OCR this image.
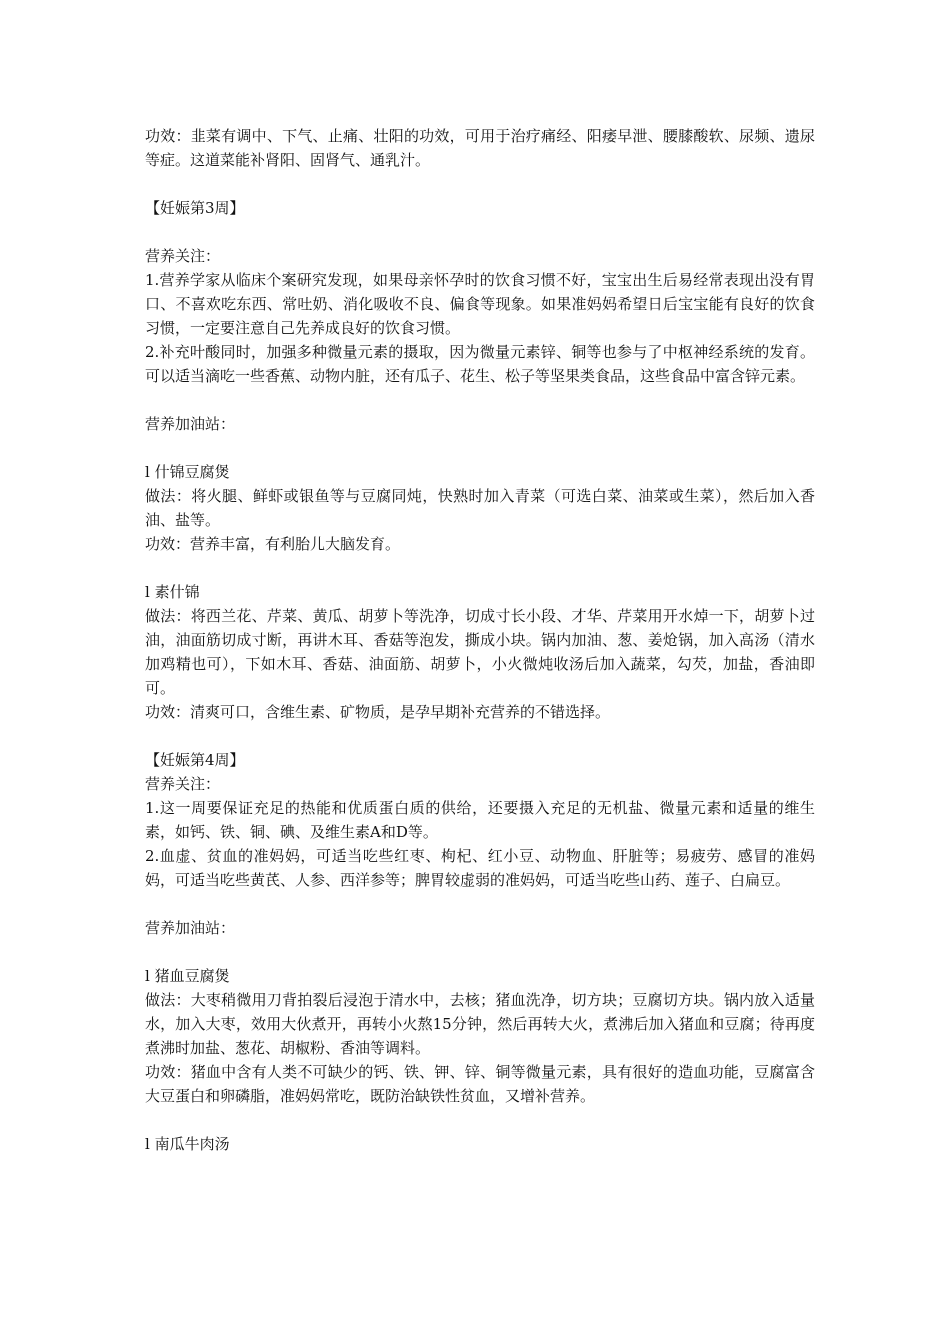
功效：韭菜有调中、下气、止痛、壮阳的功效，可用于治疗痛经、阳痿早泄、腰膝酸软、尿频、遗尿等症。这道菜能补肾阳、固肾气、通乳汁。

【妊娠第3周】

营养关注：

1.营养学家从临床个案研究发现，如果母亲怀孕时的饮食习惯不好，宝宝出生后易经常表现出没有胃口、不喜欢吃东西、常吐奶、消化吸收不良、偏食等现象。如果准妈妈希望日后宝宝能有良好的饮食习惯，一定要注意自己先养成良好的饮食习惯。

2.补充叶酸同时，加强多种微量元素的摄取，因为微量元素锌、铜等也参与了中枢神经系统的发育。可以适当滴吃一些香蕉、动物内脏，还有瓜子、花生、松子等坚果类食品，这些食品中富含锌元素。

营养加油站：

l 什锦豆腐煲

做法：将火腿、鲜虾或银鱼等与豆腐同炖，快熟时加入青菜（可选白菜、油菜或生菜），然后加入香油、盐等。

功效：营养丰富，有利胎儿大脑发育。

l 素什锦

做法：将西兰花、芹菜、黄瓜、胡萝卜等洗净，切成寸长小段、才华、芹菜用开水焯一下，胡萝卜过油，油面筋切成寸断，再讲木耳、香菇等泡发，撕成小块。锅内加油、葱、姜炝锅，加入高汤（清水加鸡精也可），下如木耳、香菇、油面筋、胡萝卜，小火微炖收汤后加入蔬菜，勾芡，加盐，香油即可。

功效：清爽可口，含维生素、矿物质，是孕早期补充营养的不错选择。

【妊娠第4周】

营养关注：

1.这一周要保证充足的热能和优质蛋白质的供给，还要摄入充足的无机盐、微量元素和适量的维生素，如钙、铁、铜、碘、及维生素A和D等。

2.血虚、贫血的准妈妈，可适当吃些红枣、枸杞、红小豆、动物血、肝脏等；易疲劳、感冒的准妈妈，可适当吃些黄芪、人参、西洋参等；脾胃较虚弱的准妈妈，可适当吃些山药、莲子、白扁豆。

营养加油站：

l 猪血豆腐煲

做法：大枣稍微用刀背拍裂后浸泡于清水中，去核；猪血洗净，切方块；豆腐切方块。锅内放入适量水，加入大枣，效用大伙煮开，再转小火熬15分钟，然后再转大火，煮沸后加入猪血和豆腐；待再度煮沸时加盐、葱花、胡椒粉、香油等调料。

功效：猪血中含有人类不可缺少的钙、铁、钾、锌、铜等微量元素，具有很好的造血功能，豆腐富含大豆蛋白和卵磷脂，准妈妈常吃，既防治缺铁性贫血，又增补营养。

l 南瓜牛肉汤
